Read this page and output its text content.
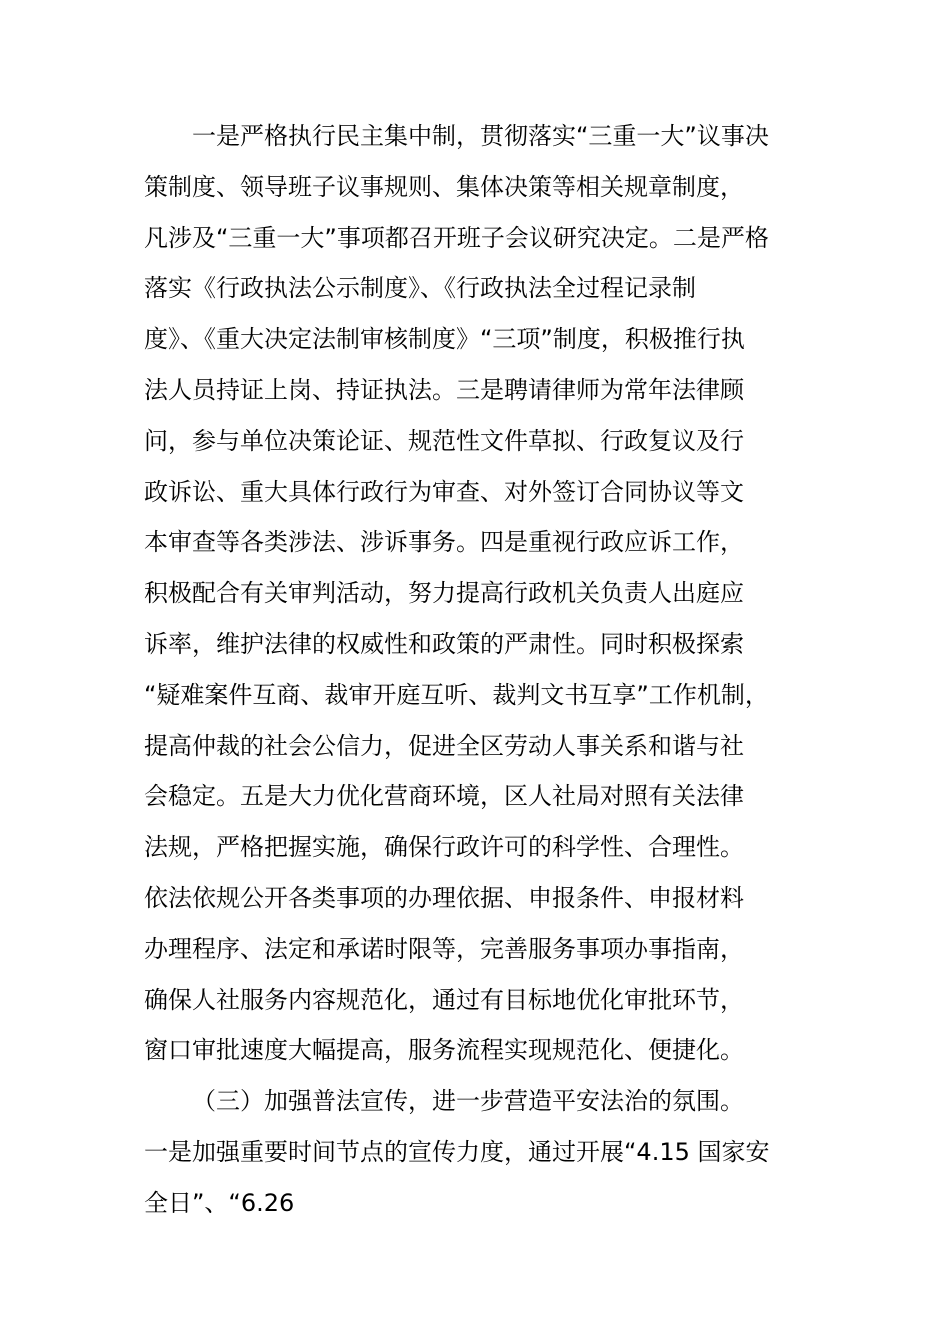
一是严格执行民主集中制，贯彻落实“三重一大”议事决
策制度、领导班子议事规则、集体决策等相关规章制度，
凡涉及“三重一大”事项都召开班子会议研究决定。二是严格
落实《行政执法公示制度》、《行政执法全过程记录制
度》、《重大决定法制审核制度》“三项”制度，积极推行执
法人员持证上岗、持证执法。三是聘请律师为常年法律顾
问，参与单位决策论证、规范性文件草拟、行政复议及行
政诉讼、重大具体行政行为审查、对外签订合同协议等文
本审查等各类涉法、涉诉事务。四是重视行政应诉工作，
积极配合有关审判活动，努力提高行政机关负责人出庭应
诉率，维护法律的权威性和政策的严肃性。同时积极探索
“疑难案件互商、裁审开庭互听、裁判文书互享”工作机制，
提高仲裁的社会公信力，促进全区劳动人事关系和谐与社
会稳定。五是大力优化营商环境，区人社局对照有关法律
法规，严格把握实施，确保行政许可的科学性、合理性。
依法依规公开各类事项的办理依据、申报条件、申报材料
办理程序、法定和承诺时限等，完善服务事项办事指南，
确保人社服务内容规范化，通过有目标地优化审批环节，
窗口审批速度大幅提高，服务流程实现规范化、便捷化。
（三）加强普法宣传，进一步营造平安法治的氛围。
一是加强重要时间节点的宣传力度，通过开展“4.15 国家安
全日”、“6.26
